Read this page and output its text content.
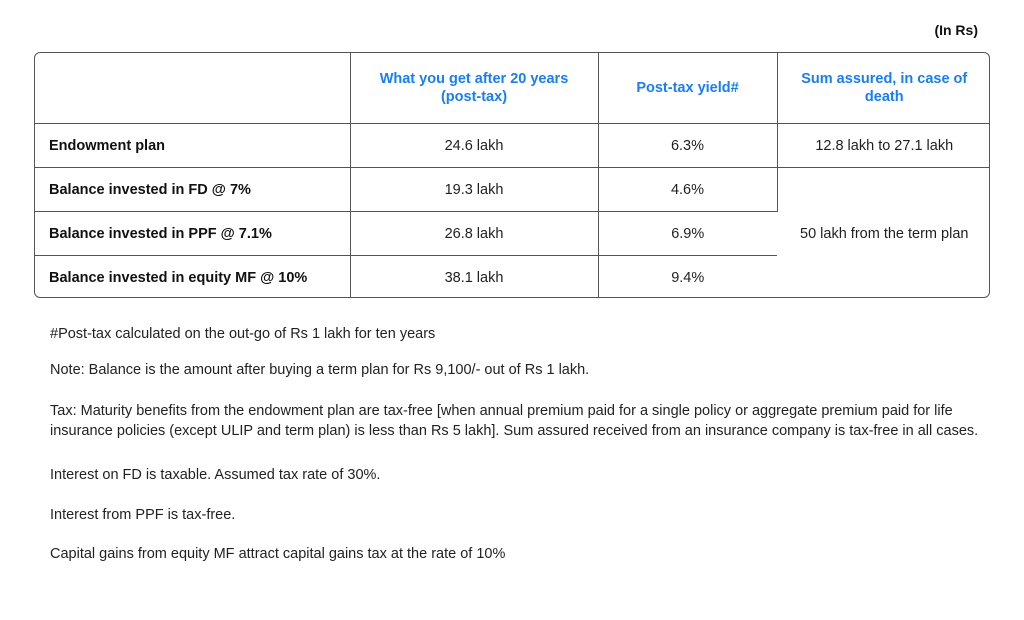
(In Rs)
	What you get after 20 years (post-tax)	Post-tax yield#	Sum assured, in case of death
Endowment plan	24.6 lakh	6.3%	12.8 lakh to 27.1 lakh
Balance invested in FD @ 7%	19.3 lakh	4.6%	50 lakh from the term plan
Balance invested in PPF @ 7.1%	26.8 lakh	6.9%	
Balance invested in equity MF @ 10%	38.1 lakh	9.4%	

#Post-tax calculated on the out-go of Rs 1 lakh for ten years

Note: Balance is the amount after buying a term plan for Rs 9,100/- out of Rs 1 lakh.

Tax: Maturity benefits from the endowment plan are tax-free [when annual premium paid for a single policy or aggregate premium paid for life insurance policies (except ULIP and term plan) is less than Rs 5 lakh]. Sum assured received from an insurance company is tax-free in all cases.

Interest on FD is taxable. Assumed tax rate of 30%.

Interest from PPF is tax-free.

Capital gains from equity MF attract capital gains tax at the rate of 10%
